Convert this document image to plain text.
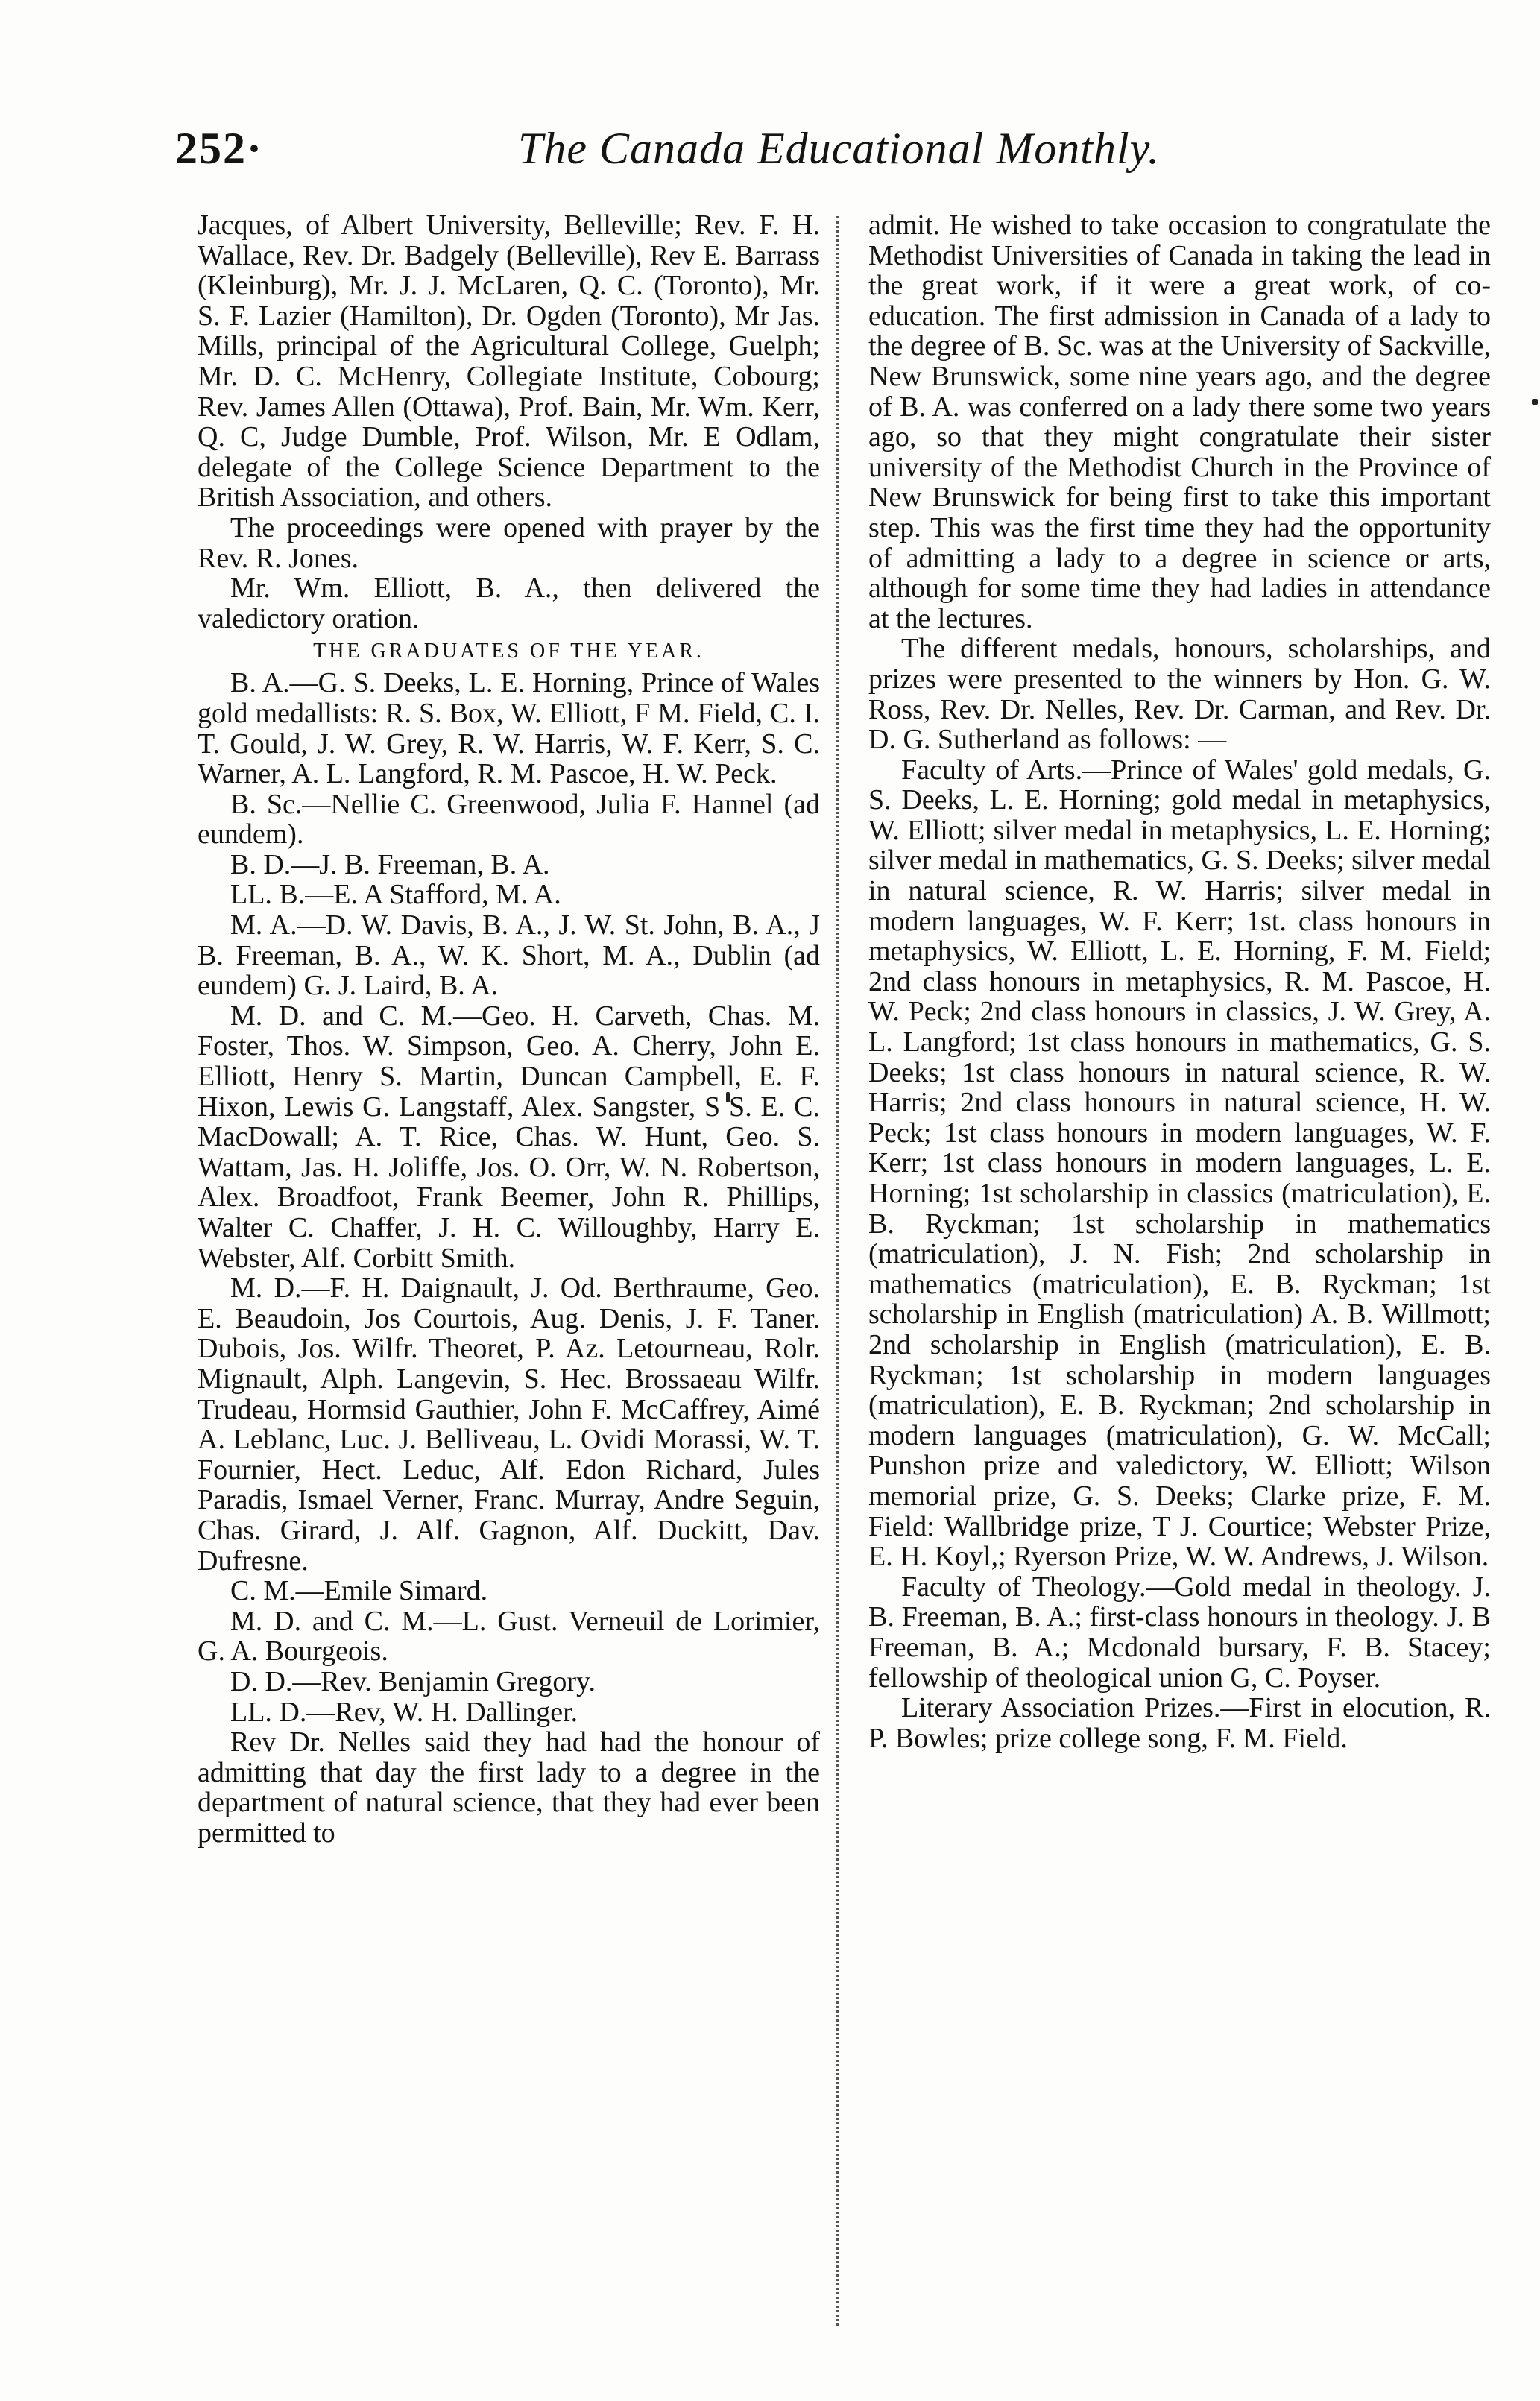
252·	The Canada Educational Monthly.

Jacques, of Albert University, Belleville; Rev. F. H. Wallace, Rev. Dr. Badgely (Belleville), Rev E. Barrass (Kleinburg), Mr. J. J. McLaren, Q. C. (Toronto), Mr. S. F. Lazier (Hamilton), Dr. Ogden (Toronto), Mr Jas. Mills, principal of the Agricultural College, Guelph; Mr. D. C. McHenry, Collegiate Institute, Cobourg; Rev. James Allen (Ottawa), Prof. Bain, Mr. Wm. Kerr, Q. C, Judge Dumble, Prof. Wilson, Mr. E Odlam, delegate of the College Science Department to the British Association, and others.

The proceedings were opened with prayer by the Rev. R. Jones.

Mr. Wm. Elliott, B. A., then delivered the valedictory oration.

THE GRADUATES OF THE YEAR.

B. A.—G. S. Deeks, L. E. Horning, Prince of Wales gold medallists: R. S. Box, W. Elliott, F M. Field, C. I. T. Gould, J. W. Grey, R. W. Harris, W. F. Kerr, S. C. Warner, A. L. Langford, R. M. Pascoe, H. W. Peck.

B. Sc.—Nellie C. Greenwood, Julia F. Hannel (ad eundem).

B. D.—J. B. Freeman, B. A.

LL. B.—E. A Stafford, M. A.

M. A.—D. W. Davis, B. A., J. W. St. John, B. A., J B. Freeman, B. A., W. K. Short, M. A., Dublin (ad eundem) G. J. Laird, B. A.

M. D. and C. M.—Geo. H. Carveth, Chas. M. Foster, Thos. W. Simpson, Geo. A. Cherry, John E. Elliott, Henry S. Martin, Duncan Campbell, E. F. Hixon, Lewis G. Langstaff, Alex. Sangster, S S. E. C. MacDowall; A. T. Rice, Chas. W. Hunt, Geo. S. Wattam, Jas. H. Joliffe, Jos. O. Orr, W. N. Robertson, Alex. Broadfoot, Frank Beemer, John R. Phillips, Walter C. Chaffer, J. H. C. Willoughby, Harry E. Webster, Alf. Corbitt Smith.

M. D.—F. H. Daignault, J. Od. Berthraume, Geo. E. Beaudoin, Jos Courtois, Aug. Denis, J. F. Taner. Dubois, Jos. Wilfr. Theoret, P. Az. Letourneau, Rolr. Mignault, Alph. Langevin, S. Hec. Brossaeau Wilfr. Trudeau, Hormsid Gauthier, John F. McCaffrey, Aimé A. Leblanc, Luc. J. Belliveau, L. Ovidi Morassi, W. T. Fournier, Hect. Leduc, Alf. Edon Richard, Jules Paradis, Ismael Verner, Franc. Murray, Andre Seguin, Chas. Girard, J. Alf. Gagnon, Alf. Duckitt, Dav. Dufresne.

C. M.—Emile Simard.

M. D. and C. M.—L. Gust. Verneuil de Lorimier, G. A. Bourgeois.

D. D.—Rev. Benjamin Gregory.

LL. D.—Rev, W. H. Dallinger.

Rev Dr. Nelles said they had had the honour of admitting that day the first lady to a degree in the department of natural science, that they had ever been permitted to

admit. He wished to take occasion to congratulate the Methodist Universities of Canada in taking the lead in the great work, if it were a great work, of co-education. The first admission in Canada of a lady to the degree of B. Sc. was at the University of Sackville, New Brunswick, some nine years ago, and the degree of B. A. was conferred on a lady there some two years ago, so that they might congratulate their sister university of the Methodist Church in the Province of New Brunswick for being first to take this important step. This was the first time they had the opportunity of admitting a lady to a degree in science or arts, although for some time they had ladies in attendance at the lectures.

The different medals, honours, scholarships, and prizes were presented to the winners by Hon. G. W. Ross, Rev. Dr. Nelles, Rev. Dr. Carman, and Rev. Dr. D. G. Sutherland as follows: —

Faculty of Arts.—Prince of Wales' gold medals, G. S. Deeks, L. E. Horning; gold medal in metaphysics, W. Elliott; silver medal in metaphysics, L. E. Horning; silver medal in mathematics, G. S. Deeks; silver medal in natural science, R. W. Harris; silver medal in modern languages, W. F. Kerr; 1st. class honours in metaphysics, W. Elliott, L. E. Horning, F. M. Field; 2nd class honours in metaphysics, R. M. Pascoe, H. W. Peck; 2nd class honours in classics, J. W. Grey, A. L. Langford; 1st class honours in mathematics, G. S. Deeks; 1st class honours in natural science, R. W. Harris; 2nd class honours in natural science, H. W. Peck; 1st class honours in modern languages, W. F. Kerr; 1st class honours in modern languages, L. E. Horning; 1st scholarship in classics (matriculation), E. B. Ryckman; 1st scholarship in mathematics (matriculation), J. N. Fish; 2nd scholarship in mathematics (matriculation), E. B. Ryckman; 1st scholarship in English (matriculation) A. B. Willmott; 2nd scholarship in English (matriculation), E. B. Ryckman; 1st scholarship in modern languages (matriculation), E. B. Ryckman; 2nd scholarship in modern languages (matriculation), G. W. McCall; Punshon prize and valedictory, W. Elliott; Wilson memorial prize, G. S. Deeks; Clarke prize, F. M. Field: Wallbridge prize, T J. Courtice; Webster Prize, E. H. Koyl,; Ryerson Prize, W. W. Andrews, J. Wilson.

Faculty of Theology.—Gold medal in theology. J. B. Freeman, B. A.; first-class honours in theology. J. B Freeman, B. A.; Mcdonald bursary, F. B. Stacey; fellowship of theological union G, C. Poyser.

Literary Association Prizes.—First in elocution, R. P. Bowles; prize college song, F. M. Field.
